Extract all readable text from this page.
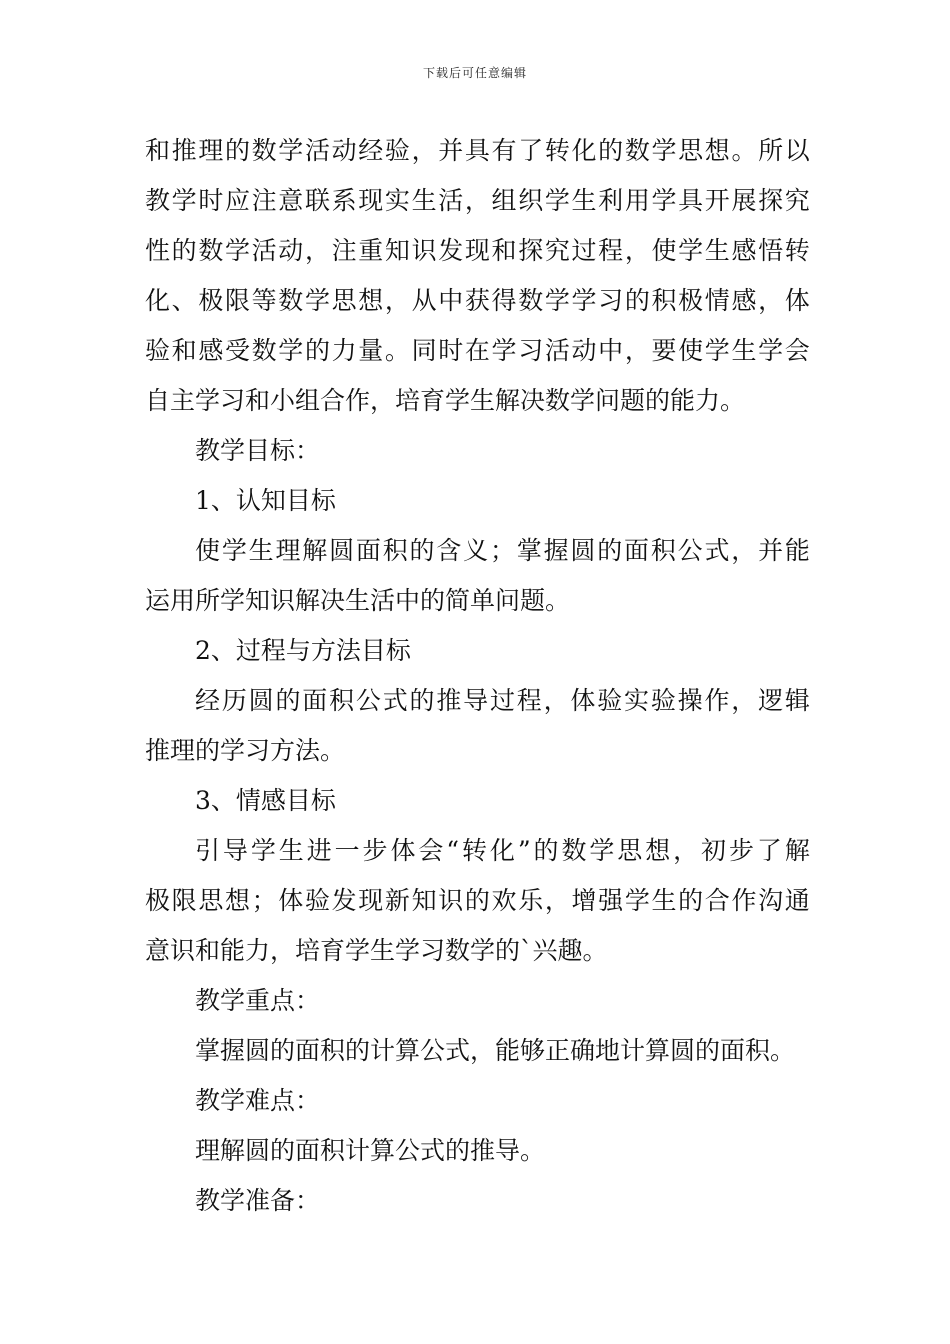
下载后可任意编辑
和 推 理 的 数 学 活 动 经 验 ， 并 具 有 了 转 化 的 数 学 思 想 。 所 以
教 学 时 应 注 意 联 系 现 实 生 活 ， 组 织 学 生 利 用 学 具 开 展 探 究
性 的 数 学 活 动 ， 注 重 知 识 发 现 和 探 究 过 程 ， 使 学 生 感 悟 转
化 、 极 限 等 数 学 思 想 ， 从 中 获 得 数 学 学 习 的 积 极 情 感 ， 体
验 和 感 受 数 学 的 力 量 。 同 时 在 学 习 活 动 中 ， 要 使 学 生 学 会
自主学习和小组合作，培育学生解决数学问题的能力。
教学目标：
1、认知目标
使 学 生 理 解 圆 面 积 的 含 义 ； 掌 握 圆 的 面 积 公 式 ， 并 能
运用所学知识解决生活中的简单问题。
2、过程与方法目标
经 历 圆 的 面 积 公 式 的 推 导 过 程 ， 体 验 实 验 操 作 ， 逻 辑
推理的学习方法。
3、情感目标
引 导 学 生 进 一 步 体 会 “ 转 化 ” 的 数 学 思 想 ， 初 步 了 解
极 限 思 想 ； 体 验 发 现 新 知 识 的 欢 乐 ， 增 强 学 生 的 合 作 沟 通
意识和能力，培育学生学习数学的`兴趣。
教学重点：
掌握圆的面积的计算公式，能够正确地计算圆的面积。
教学难点：
理解圆的面积计算公式的推导。
教学准备：
